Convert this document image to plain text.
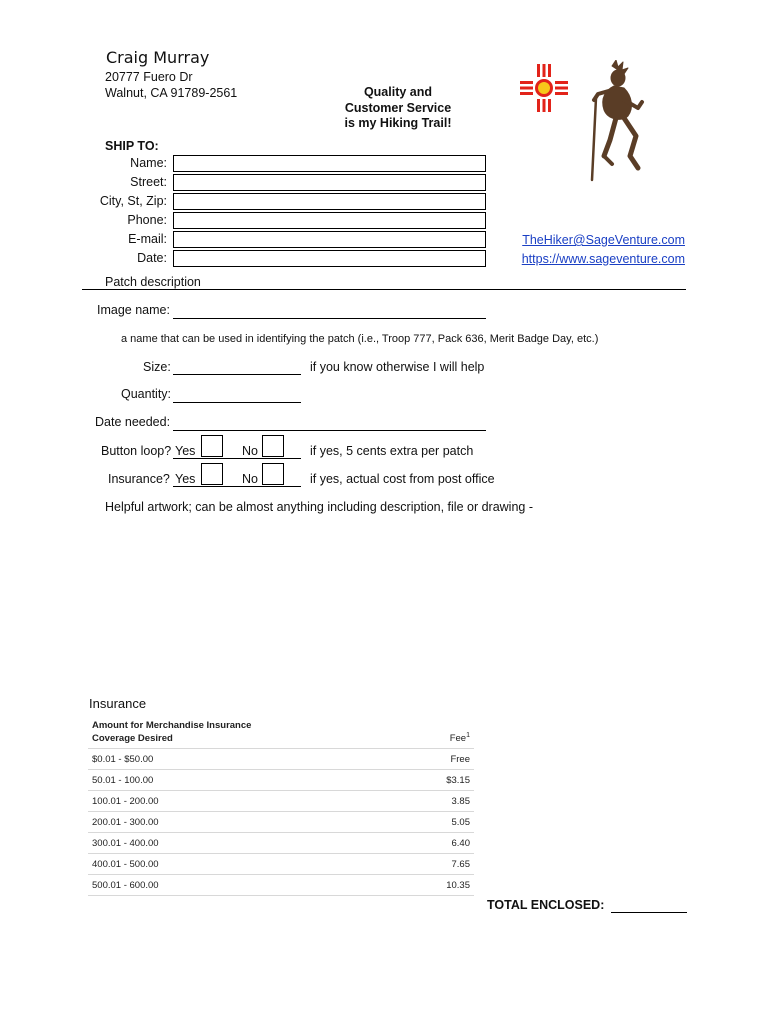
Craig Murray
20777 Fuero Dr
Walnut, CA 91789-2561	Quality and
Customer Service
is my Hiking Trail!
SHIP TO:
Name:
Street:
City, St, Zip:
Phone:
E-mail:
Date:
TheHiker@SageVenture.com
https://www.sageventure.com
Patch description
Image name:
a name that can be used in identifying the patch (i.e., Troop 777, Pack 636, Merit Badge Day, etc.)
Size:	if you know otherwise I will help
Quantity:
Date needed:
Button loop? Yes	No	if yes, 5 cents extra per patch
Insurance? Yes	No	if yes, actual cost from post office
Helpful artwork; can be almost anything including description, file or drawing -
Insurance
Amount for Merchandise Insurance
Coverage Desired	Fee$^1$
$0.01 - $50.00	Free
50.01 - 100.00	$3.15
100.01 - 200.00	3.85
200.01 - 300.00	5.05
300.01 - 400.00	6.40
400.01 - 500.00	7.65
500.01 - 600.00	10.35
TOTAL ENCLOSED:
